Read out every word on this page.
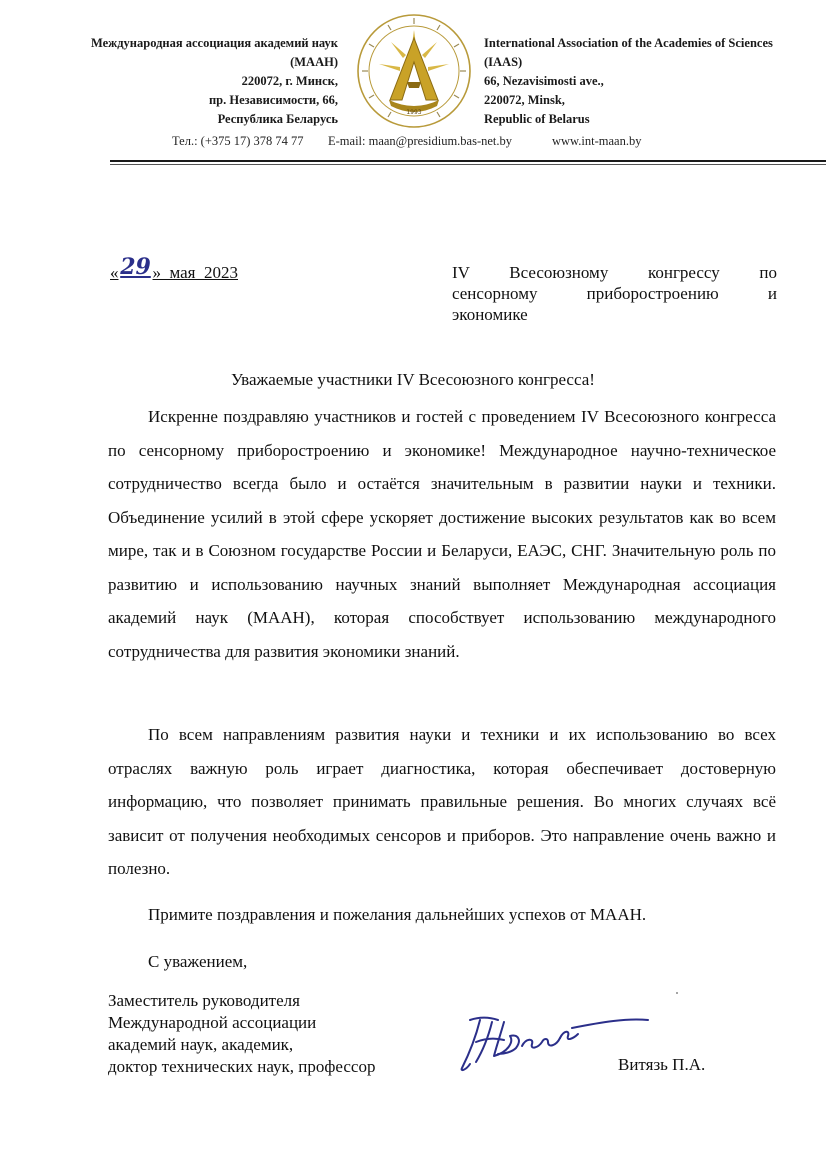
Международная ассоциация академий наук
(МААН)
220072, г. Минск,
пр. Независимости, 66,
Республика Беларусь	1993
International Association of the Academies of Sciences
(IAAS)
66, Nezavisimosti ave.,
220072, Minsk,
Republic of Belarus
Тел.: (+375 17) 378 74 77 E-mail: maan@presidium.bas-net.by	www.int-maan.by
«29» мая 2023	IV Всесоюзному конгрессу по
сенсорному приборостроению и
экономике
Уважаемые участники IV Всесоюзного конгресса!

Искренне поздравляю участников и гостей с проведением IV Всесоюзного конгресса по сенсорному приборостроению и экономике! Международное научно-техническое сотрудничество всегда было и остаётся значительным в развитии науки и техники. Объединение усилий в этой сфере ускоряет достижение высоких результатов как во всем мире, так и в Союзном государстве России и Беларуси, ЕАЭС, СНГ. Значительную роль по развитию и использованию научных знаний выполняет Международная ассоциация академий наук (МААН), которая способствует использованию международного сотрудничества для развития экономики знаний.

По всем направлениям развития науки и техники и их использованию во всех отраслях важную роль играет диагностика, которая обеспечивает достоверную информацию, что позволяет принимать правильные решения. Во многих случаях всё зависит от получения необходимых сенсоров и приборов. Это направление очень важно и полезно.

Примите поздравления и пожелания дальнейших успехов от МААН.

С уважением,
Заместитель руководителя
Международной ассоциации
академий наук, академик,
доктор технических наук, профессор	Витязь П.А.
